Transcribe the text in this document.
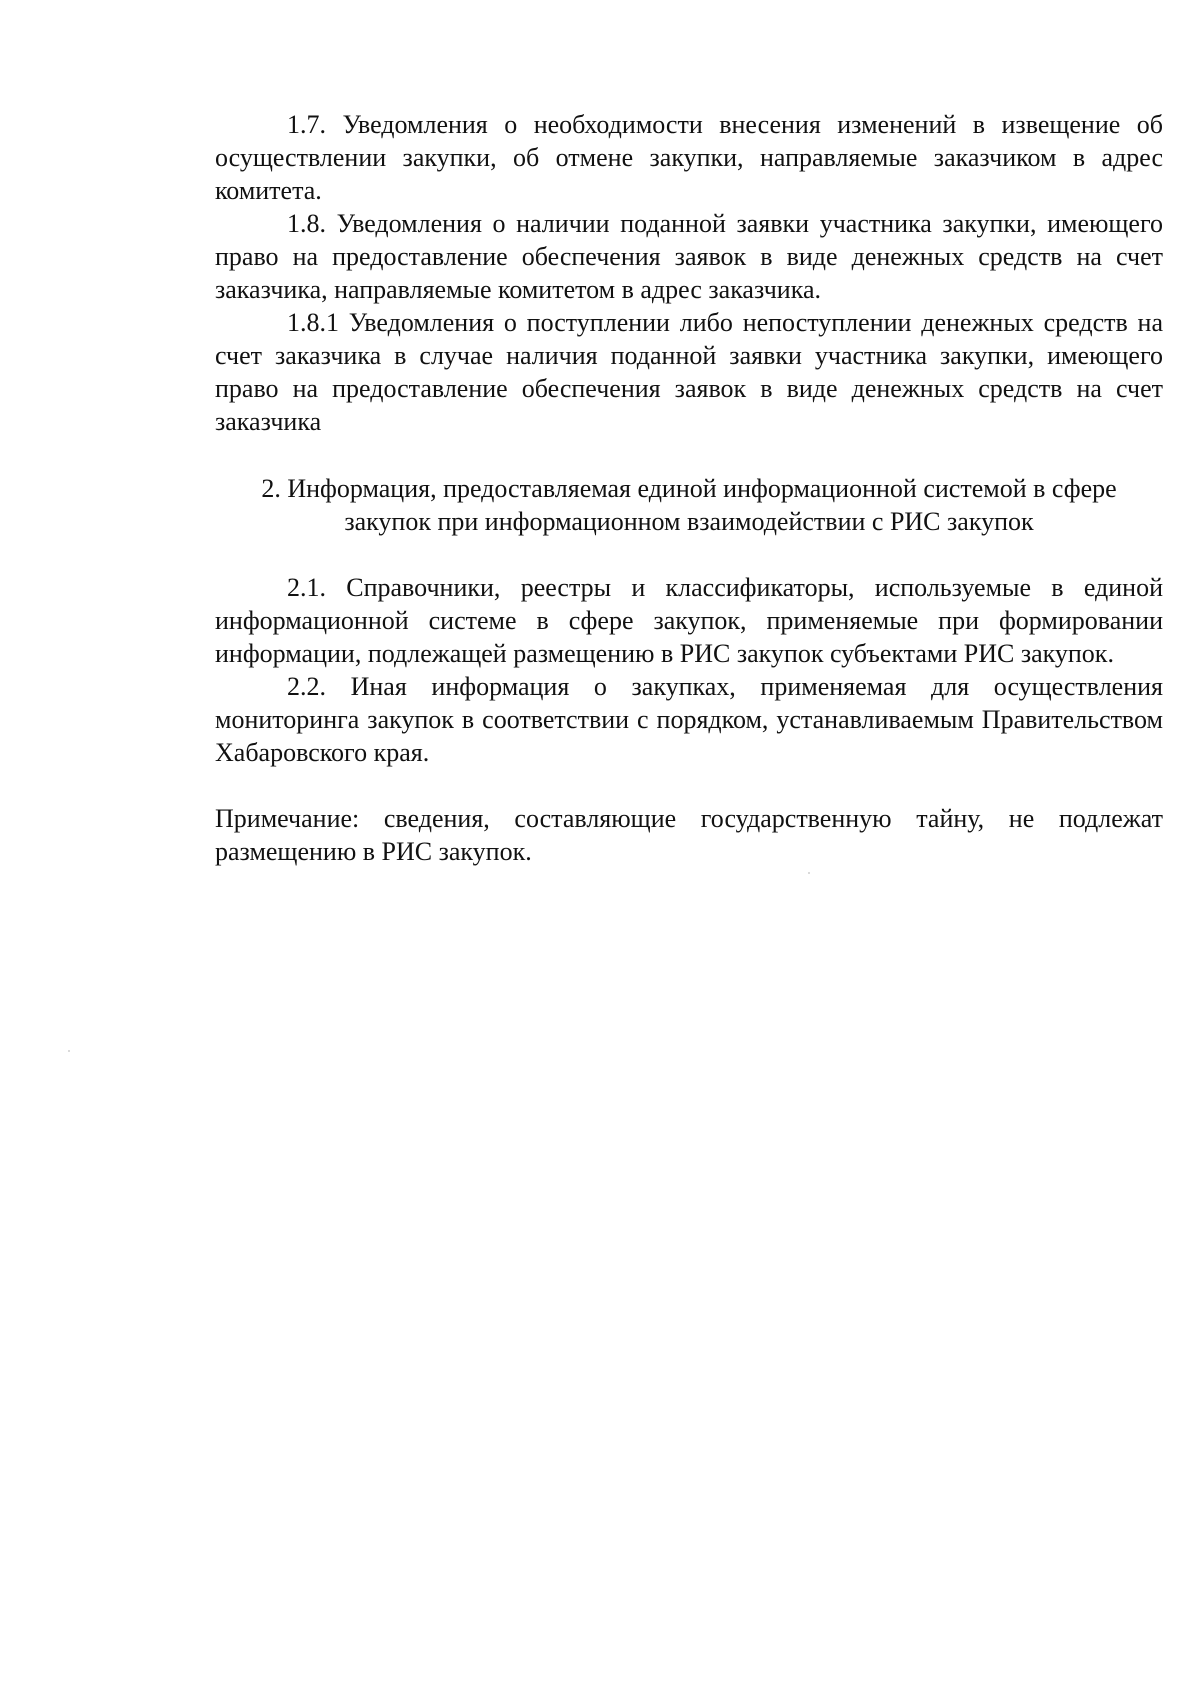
1.7. Уведомления о необходимости внесения изменений в извещение об осуществлении закупки, об отмене закупки, направляемые заказчиком в адрес комитета.

1.8. Уведомления о наличии поданной заявки участника закупки, имеющего право на предоставление обеспечения заявок в виде денежных средств на счет заказчика, направляемые комитетом в адрес заказчика.

1.8.1 Уведомления о поступлении либо непоступлении денежных средств на счет заказчика в случае наличия поданной заявки участника закупки, имеющего право на предоставление обеспечения заявок в виде денежных средств на счет заказчика

2. Информация, предоставляемая единой информационной системой в сфере закупок при информационном взаимодействии с РИС закупок

2.1. Справочники, реестры и классификаторы, используемые в единой информационной системе в сфере закупок, применяемые при формировании информации, подлежащей размещению в РИС закупок субъектами РИС закупок.

2.2. Иная информация о закупках, применяемая для осуществления мониторинга закупок в соответствии с порядком, устанавливаемым Правительством Хабаровского края.

Примечание: сведения, составляющие государственную тайну, не подлежат размещению в РИС закупок.
